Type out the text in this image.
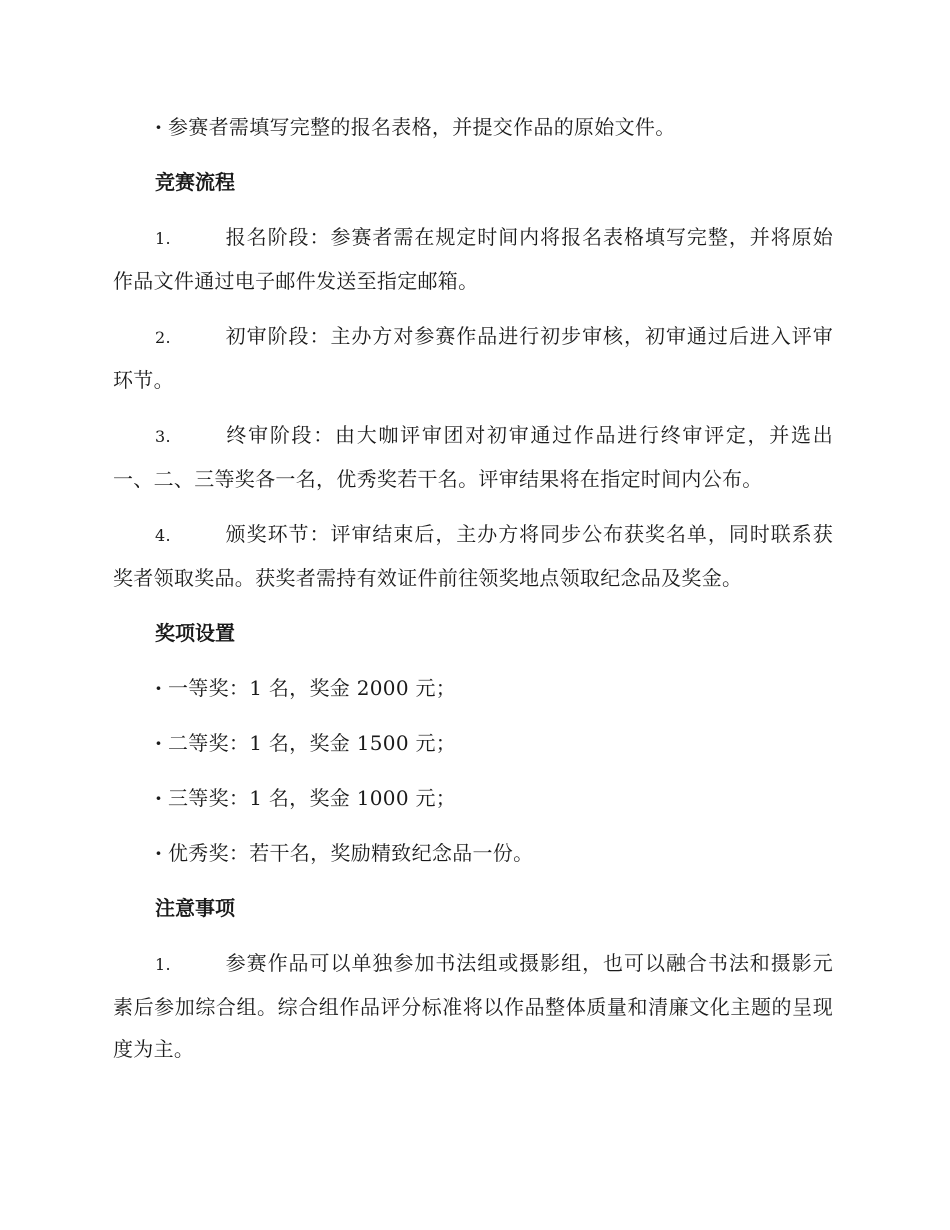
· 参赛者需填写完整的报名表格，并提交作品的原始文件。

竞赛流程

1.	报名阶段：参赛者需在规定时间内将报名表格填写完整，并将原始作品文件通过电子邮件发送至指定邮箱。

2.	初审阶段：主办方对参赛作品进行初步审核，初审通过后进入评审环节。

3.	终审阶段：由大咖评审团对初审通过作品进行终审评定，并选出一、二、三等奖各一名，优秀奖若干名。评审结果将在指定时间内公布。

4.	颁奖环节：评审结束后，主办方将同步公布获奖名单，同时联系获奖者领取奖品。获奖者需持有效证件前往领奖地点领取纪念品及奖金。

奖项设置

· 一等奖：1 名，奖金 2000 元；

· 二等奖：1 名，奖金 1500 元；

· 三等奖：1 名，奖金 1000 元；

· 优秀奖：若干名，奖励精致纪念品一份。

注意事项

1.	参赛作品可以单独参加书法组或摄影组，也可以融合书法和摄影元素后参加综合组。综合组作品评分标准将以作品整体质量和清廉文化主题的呈现度为主。
